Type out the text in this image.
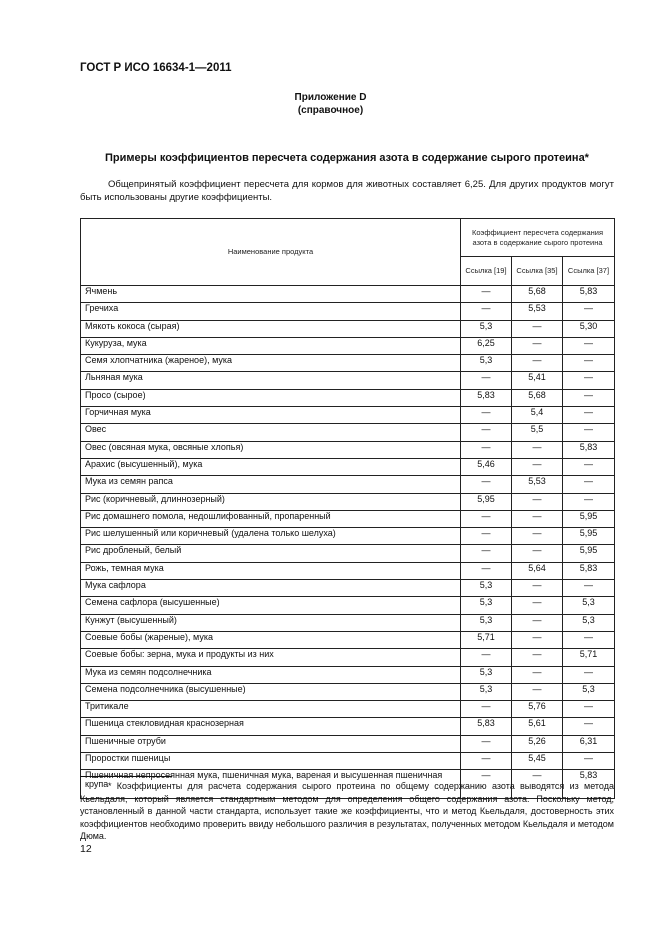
ГОСТ Р ИСО 16634-1—2011
Приложение D
(справочное)
Примеры коэффициентов пересчета содержания азота в содержание сырого протеина*
Общепринятый коэффициент пересчета для кормов для животных составляет 6,25. Для других продуктов могут быть использованы другие коэффициенты.
Наименование продукта	Коэффициент пересчета содержания азота в содержание сырого протеина		
	Ссылка [19]	Ссылка [35]	Ссылка [37]
Ячмень	—	5,68	5,83
Гречиха	—	5,53	—
Мякоть кокоса (сырая)	5,3	—	5,30
Кукуруза, мука	6,25	—	—
Семя хлопчатника (жареное), мука	5,3	—	—
Льняная мука	—	5,41	—
Просо (сырое)	5,83	5,68	—
Горчичная мука	—	5,4	—
Овес	—	5,5	—
Овес (овсяная мука, овсяные хлопья)	—	—	5,83
Арахис (высушенный), мука	5,46	—	—
Мука из семян рапса	—	5,53	—
Рис (коричневый, длиннозерный)	5,95	—	—
Рис домашнего помола, недошлифованный, пропаренный	—	—	5,95
Рис шелушенный или коричневый (удалена только шелуха)	—	—	5,95
Рис дробленый, белый	—	—	5,95
Рожь, темная мука	—	5,64	5,83
Мука сафлора	5,3	—	—
Семена сафлора (высушенные)	5,3	—	5,3
Кунжут (высушенный)	5,3	—	5,3
Соевые бобы (жареные), мука	5,71	—	—
Соевые бобы: зерна, мука и продукты из них	—	—	5,71
Мука из семян подсолнечника	5,3	—	—
Семена подсолнечника (высушенные)	5,3	—	5,3
Тритикале	—	5,76	—
Пшеница стекловидная краснозерная	5,83	5,61	—
Пшеничные отруби	—	5,26	6,31
Проростки пшеницы	—	5,45	—
Пшеничная непросеянная мука, пшеничная мука, вареная и высушенная пшеничная крупа	—	—	5,83
* Коэффициенты для расчета содержания сырого протеина по общему содержанию азота выводятся из метода Кьельдаля, который является стандартным методом для определения общего содержания азота. Поскольку метод, установленный в данной части стандарта, использует такие же коэффициенты, что и метод Кьельдаля, достоверность этих коэффициентов необходимо проверить ввиду небольшого различия в результатах, полученных методом Кьельдаля и методом Дюма.
12
